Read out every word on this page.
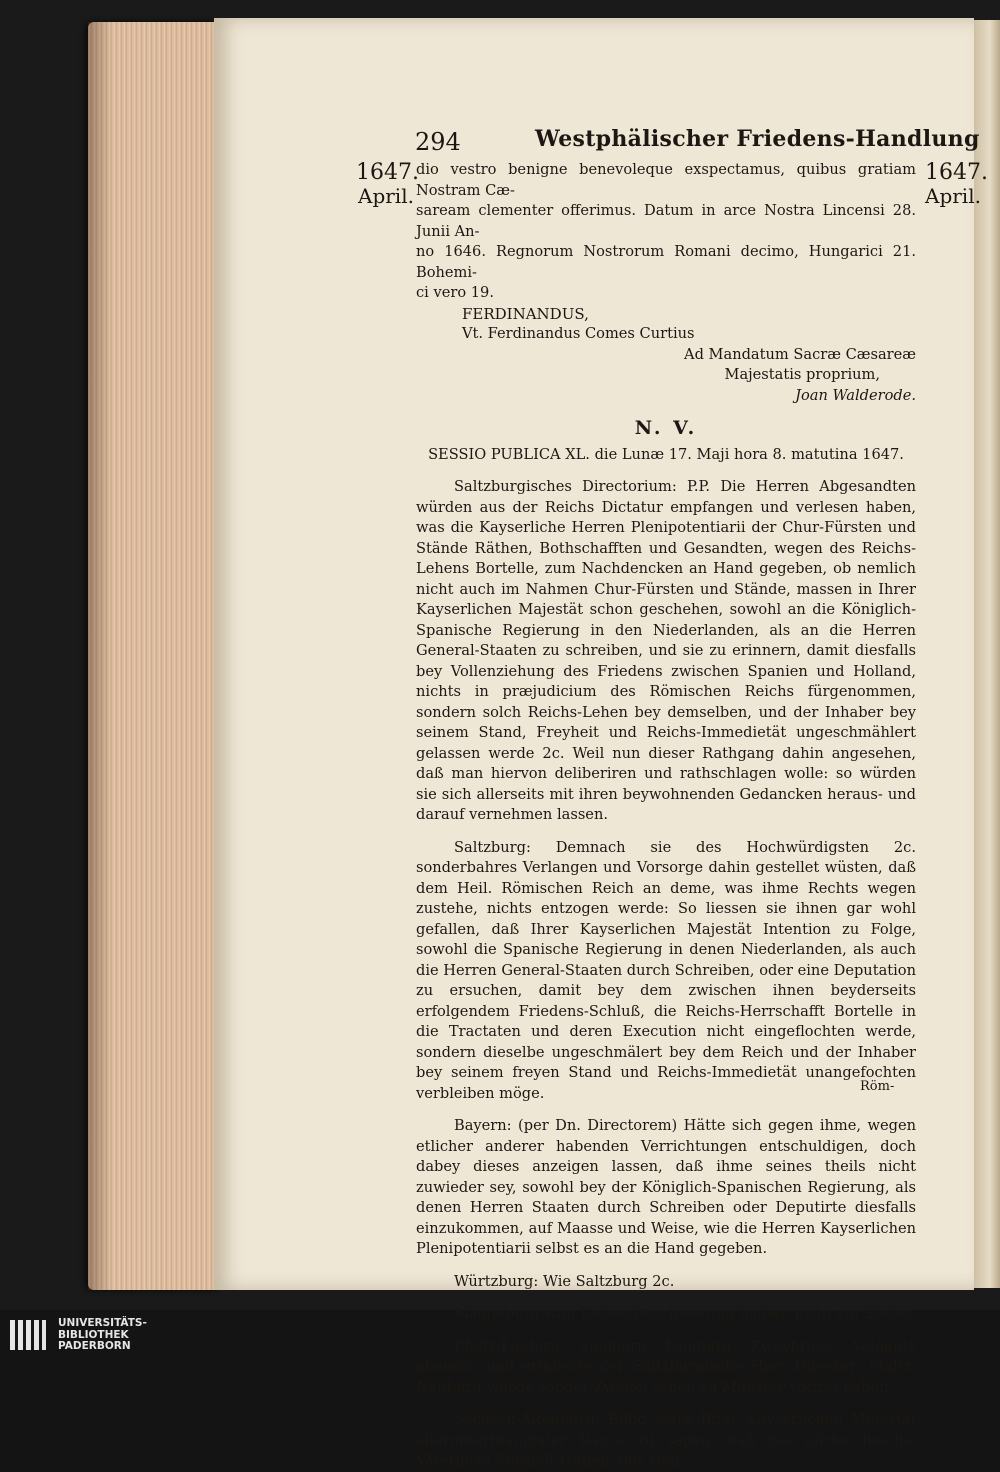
294	Westphälischer Friedens-Handlung
1647.
April.
1647.
April.

dio vestro benigne benevoleque exspectamus, quibus gratiam Nostram Cæ-

saream clementer offerimus. Datum in arce Nostra Lincensi 28. Junii An-

no 1646. Regnorum Nostrorum Romani decimo, Hungarici 21. Bohemi-

ci vero 19.

FERDINANDUS,

Vt. Ferdinandus Comes Curtius

Ad Mandatum Sacræ Cæsareæ

Majestatis proprium,

Joan Walderode.

N. V.

SESSIO PUBLICA XL. die Lunæ 17. Maji hora 8. matutina 1647.

Saltzburgisches Directorium: P.P. Die Herren Abgesandten würden aus der Reichs Dictatur empfangen und verlesen haben, was die Kayserliche Herren Plenipotentiarii der Chur-Fürsten und Stände Räthen, Bothschafften und Gesandten, wegen des Reichs-Lehens Bortelle, zum Nachdencken an Hand gegeben, ob nemlich nicht auch im Nahmen Chur-Fürsten und Stände, massen in Ihrer Kayserlichen Majestät schon geschehen, sowohl an die Königlich-Spanische Regierung in den Niederlanden, als an die Herren General-Staaten zu schreiben, und sie zu erinnern, damit diesfalls bey Vollenziehung des Friedens zwischen Spanien und Holland, nichts in præjudicium des Römischen Reichs fürgenommen, sondern solch Reichs-Lehen bey demselben, und der Inhaber bey seinem Stand, Freyheit und Reichs-Immedietät ungeschmählert gelassen werde 2c. Weil nun dieser Rathgang dahin angesehen, daß man hiervon deliberiren und rathschlagen wolle: so würden sie sich allerseits mit ihren beywohnenden Gedancken heraus- und darauf vernehmen lassen.

Saltzburg: Demnach sie des Hochwürdigsten 2c. sonderbahres Verlangen und Vorsorge dahin gestellet wüsten, daß dem Heil. Römischen Reich an deme, was ihme Rechts wegen zustehe, nichts entzogen werde: So liessen sie ihnen gar wohl gefallen, daß Ihrer Kayserlichen Majestät Intention zu Folge, sowohl die Spanische Regierung in denen Niederlanden, als auch die Herren General-Staaten durch Schreiben, oder eine Deputation zu ersuchen, damit bey dem zwischen ihnen beyderseits erfolgendem Friedens-Schluß, die Reichs-Herrschafft Bortelle in die Tractaten und deren Execution nicht eingeflochten werde, sondern dieselbe ungeschmälert bey dem Reich und der Inhaber bey seinem freyen Stand und Reichs-Immedietät unangefochten verbleiben möge.

Bayern: (per Dn. Directorem) Hätte sich gegen ihme, wegen etlicher anderer habenden Verrichtungen entschuldigen, doch dabey dieses anzeigen lassen, daß ihme seines theils nicht zuwieder sey, sowohl bey der Königlich-Spanischen Regierung, als denen Herren Staaten durch Schreiben oder Deputirte diesfalls einzukommen, auf Maasse und Weise, wie die Herren Kayserlichen Plenipotentiarii selbst es an die Hand gegeben.

Würtzburg: Wie Saltzburg 2c.

Magdeburg war, Leibes-Beschwerung halber, nicht zur Stelle.

Pfaltz-Lautern, Simmern, Neuburg, Zweybrück, Veldentz aberant, und erinnerte der Saltzburgische Herr Director: Pfaltz-Neuburg würde sonder Zweifel schon zu Münster votiret haben.

Sachsen-Altenburg: Billig wäre Ihrer Kayserlichen Majestät allerunterthänigster Danck zu sagen, daß Sie solche Reichs-Väterliche Sorgfalt trügen, das Heil.

Röm-
UNIVERSITÄTS-
BIBLIOTHEK
PADERBORN
